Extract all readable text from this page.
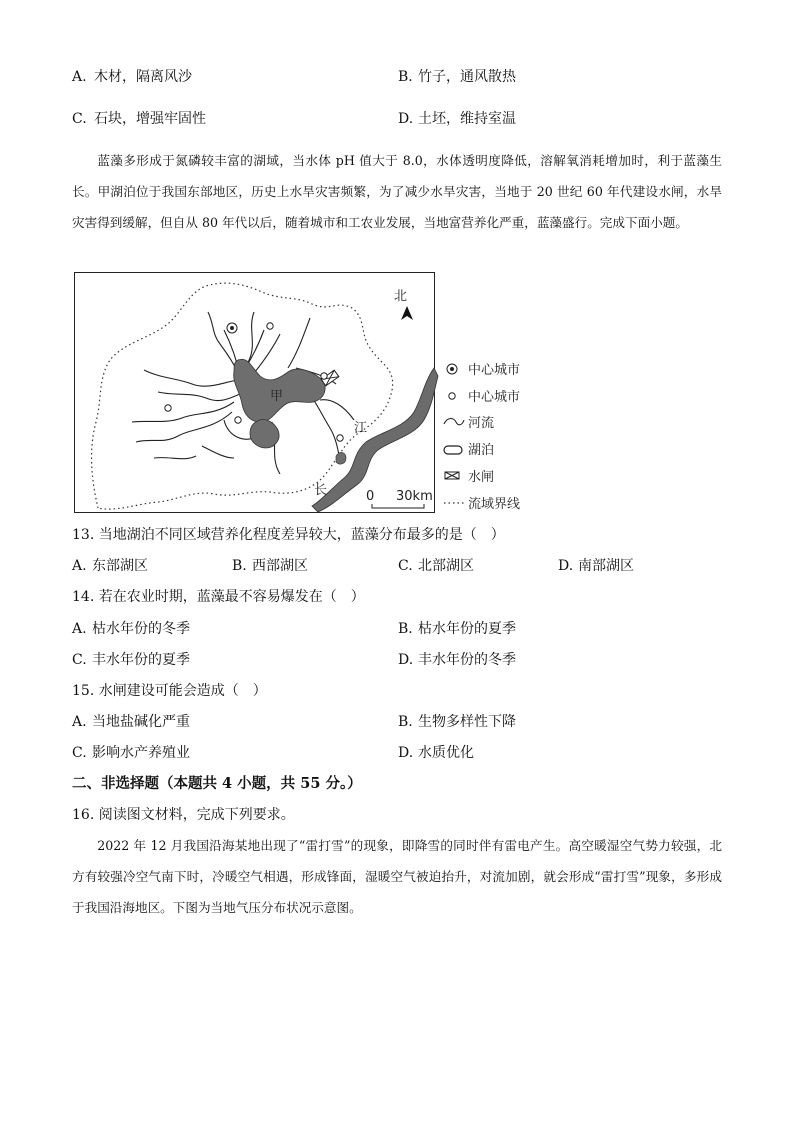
A. 木材，隔离风沙	B. 竹子，通风散热
C. 石块，增强牢固性	D. 土坯，维持室温
蓝藻多形成于氮磷较丰富的湖域，当水体 pH 值大于 8.0，水体透明度降低，溶解氧消耗增加时，利于蓝藻生长。甲湖泊位于我国东部地区，历史上水旱灾害频繁，为了减少水旱灾害，当地于 20 世纪 60 年代建设水闸，水旱灾害得到缓解，但自从 80 年代以后，随着城市和工农业发展，当地富营养化严重，蓝藻盛行。完成下面小题。
甲
江
长
北
0 30km
中心城市
中心城市
河流
湖泊
水闸
流域界线
13. 当地湖泊不同区域营养化程度差异较大，蓝藻分布最多的是（　）
A. 东部湖区	B. 西部湖区	C. 北部湖区	D. 南部湖区
14. 若在农业时期，蓝藻最不容易爆发在（　）
A. 枯水年份的冬季	B. 枯水年份的夏季
C. 丰水年份的夏季	D. 丰水年份的冬季
15. 水闸建设可能会造成（　）
A. 当地盐碱化严重	B. 生物多样性下降
C. 影响水产养殖业	D. 水质优化
二、非选择题（本题共 4 小题，共 55 分。）
16. 阅读图文材料，完成下列要求。
2022 年 12 月我国沿海某地出现了“雷打雪”的现象，即降雪的同时伴有雷电产生。高空暖湿空气势力较强，北方有较强冷空气南下时，冷暖空气相遇，形成锋面，湿暖空气被迫抬升，对流加剧，就会形成“雷打雪”现象，多形成于我国沿海地区。下图为当地气压分布状况示意图。
